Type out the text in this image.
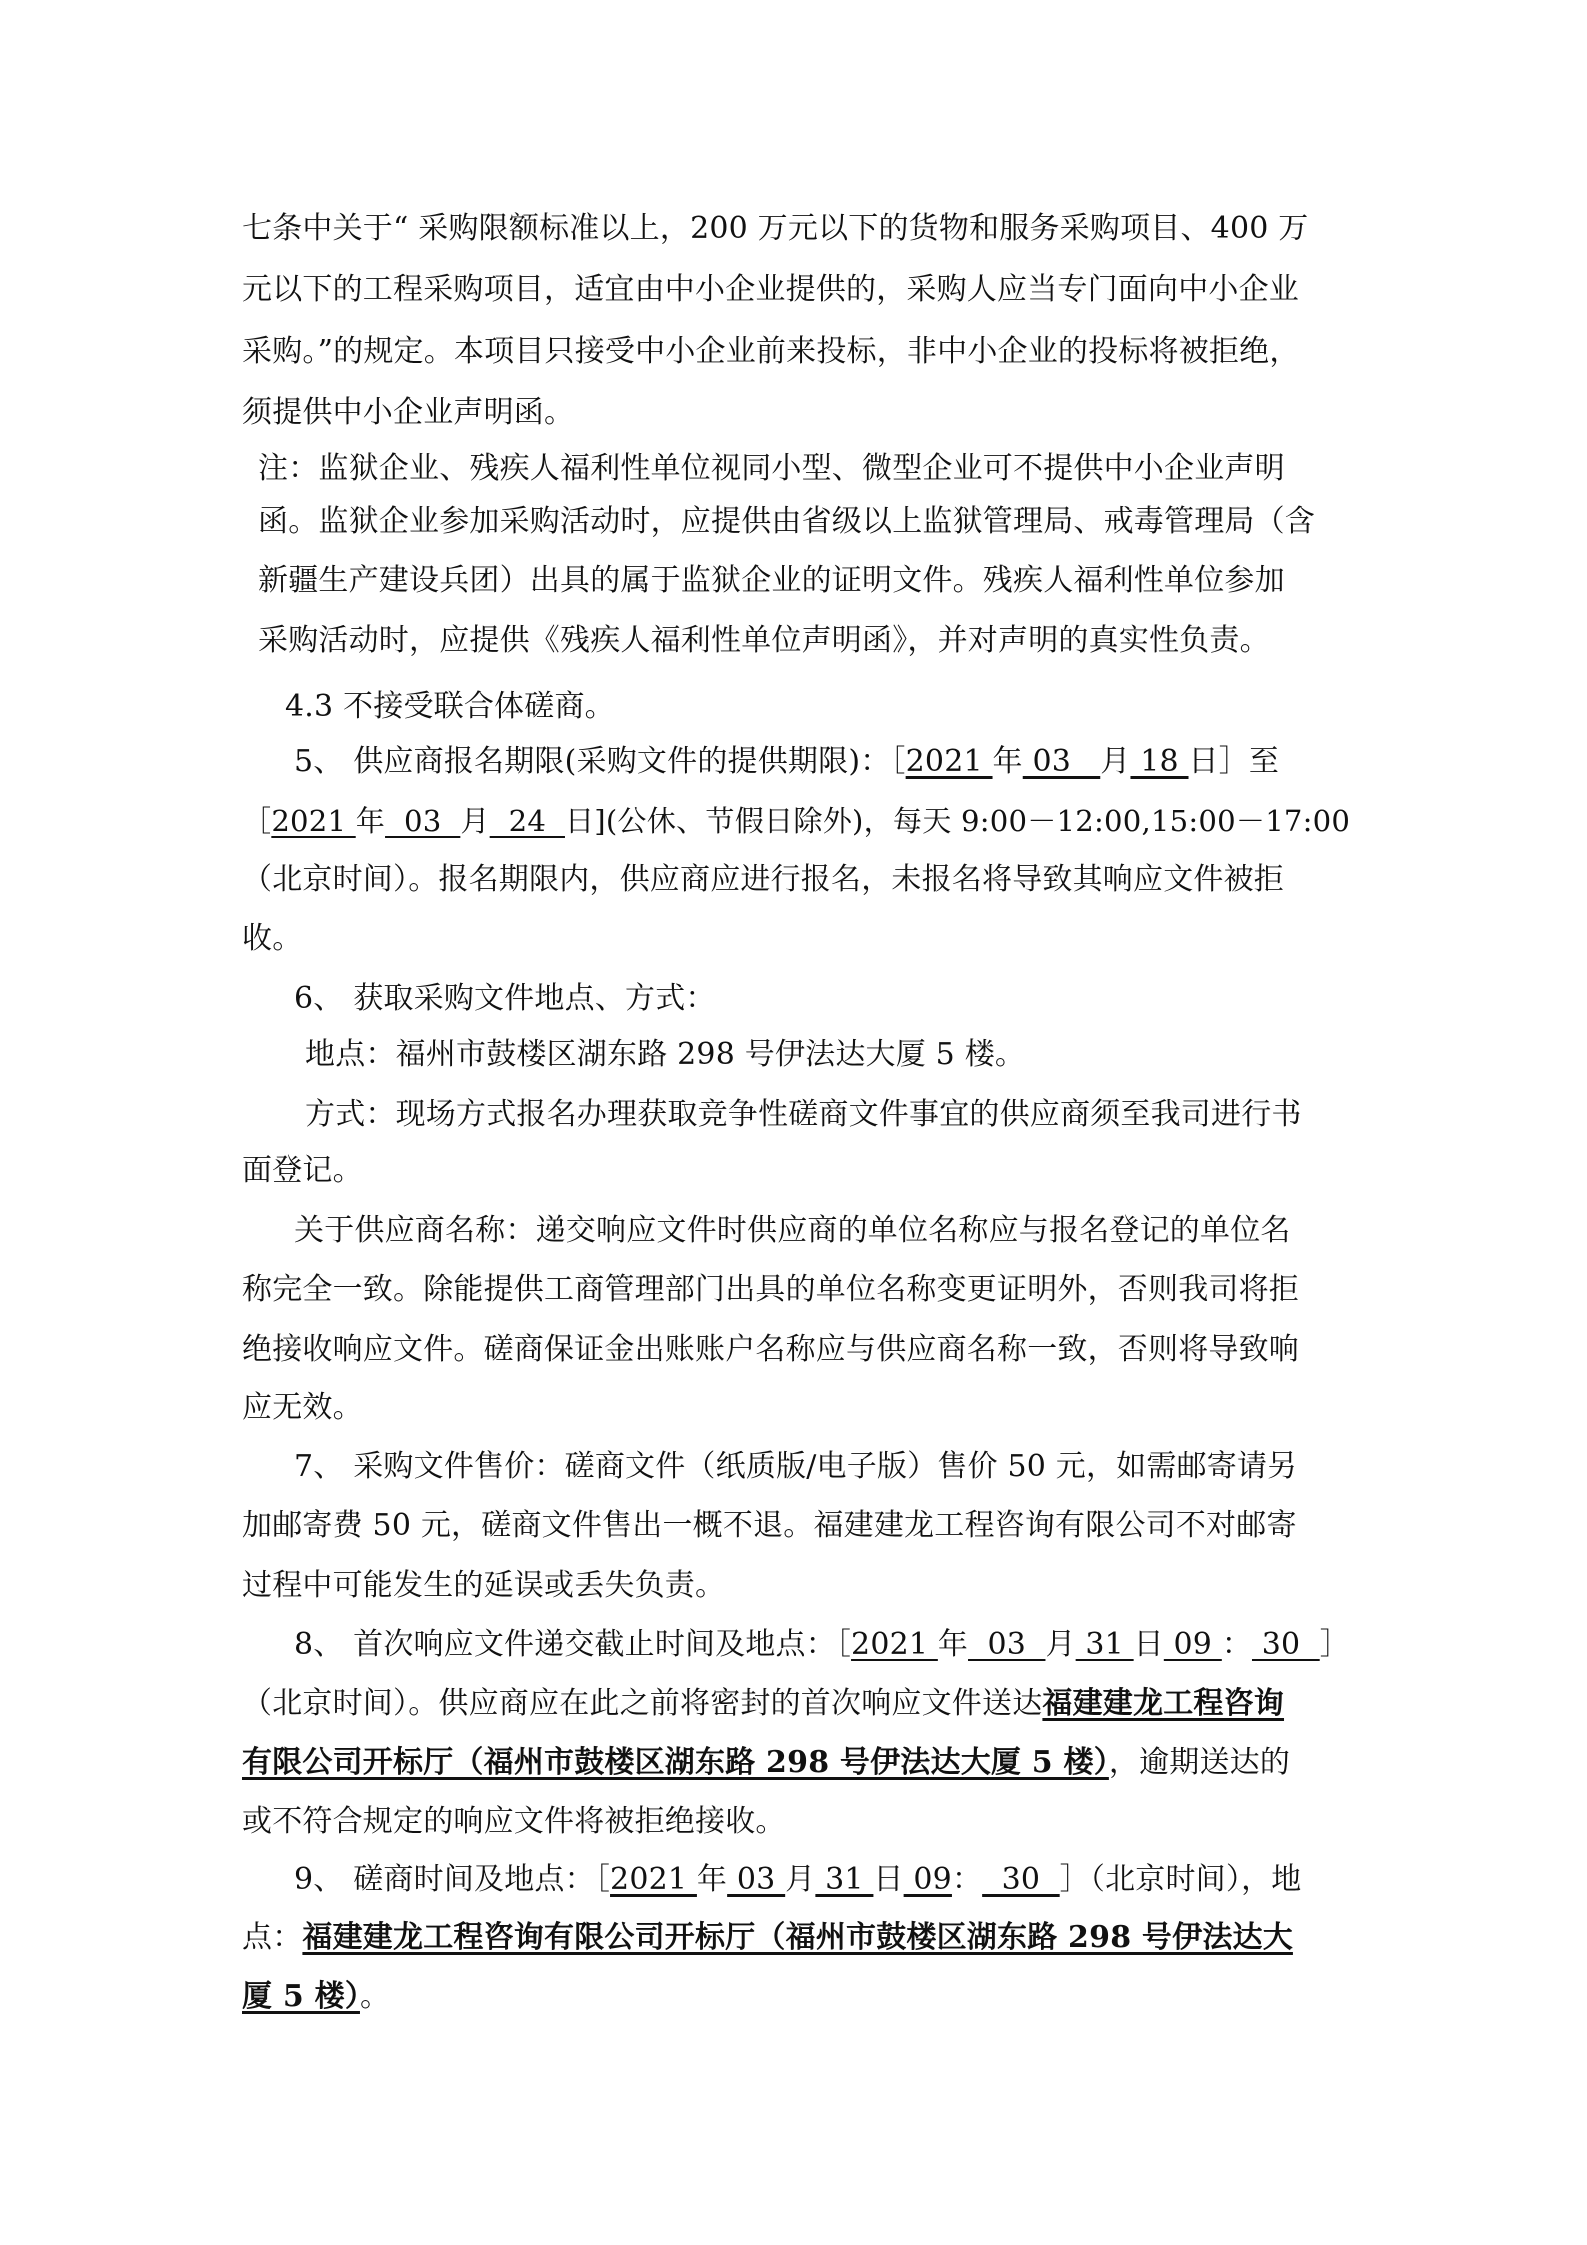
七条中关于“ 采购限额标准以上，200 万元以下的货物和服务采购项目、400 万
元以下的工程采购项目，适宜由中小企业提供的，采购人应当专门面向中小企业
采购。”的规定。本项目只接受中小企业前来投标，非中小企业的投标将被拒绝，
须提供中小企业声明函。
注：监狱企业、残疾人福利性单位视同小型、微型企业可不提供中小企业声明
函。监狱企业参加采购活动时，应提供由省级以上监狱管理局、戒毒管理局（含
新疆生产建设兵团）出具的属于监狱企业的证明文件。残疾人福利性单位参加
采购活动时，应提供《残疾人福利性单位声明函》，并对声明的真实性负责。
4.3 不接受联合体磋商。
5、 供应商报名期限(采购文件的提供期限)：［2021 年 03   月 18 日］至
［2021 年  03  月  24  日](公休、节假日除外)，每天 9:00－12:00,15:00－17:00
（北京时间）。报名期限内，供应商应进行报名，未报名将导致其响应文件被拒
收。
6、 获取采购文件地点、方式：
地点：福州市鼓楼区湖东路 298 号伊法达大厦 5 楼。
方式：现场方式报名办理获取竞争性磋商文件事宜的供应商须至我司进行书
面登记。
关于供应商名称：递交响应文件时供应商的单位名称应与报名登记的单位名
称完全一致。除能提供工商管理部门出具的单位名称变更证明外，否则我司将拒
绝接收响应文件。磋商保证金出账账户名称应与供应商名称一致，否则将导致响
应无效。
7、 采购文件售价：磋商文件（纸质版/电子版）售价 50 元，如需邮寄请另
加邮寄费 50 元，磋商文件售出一概不退。福建建龙工程咨询有限公司不对邮寄
过程中可能发生的延误或丢失负责。
8、 首次响应文件递交截止时间及地点：［2021 年  03  月 31 日 09 ： 30  ］
（北京时间）。供应商应在此之前将密封的首次响应文件送达福建建龙工程咨询
有限公司开标厅（福州市鼓楼区湖东路 298 号伊法达大厦 5 楼），逾期送达的
或不符合规定的响应文件将被拒绝接收。
9、 磋商时间及地点：［2021 年 03 月 31 日 09：  30  ］（北京时间），地
点：福建建龙工程咨询有限公司开标厅（福州市鼓楼区湖东路 298 号伊法达大
厦 5 楼）。
